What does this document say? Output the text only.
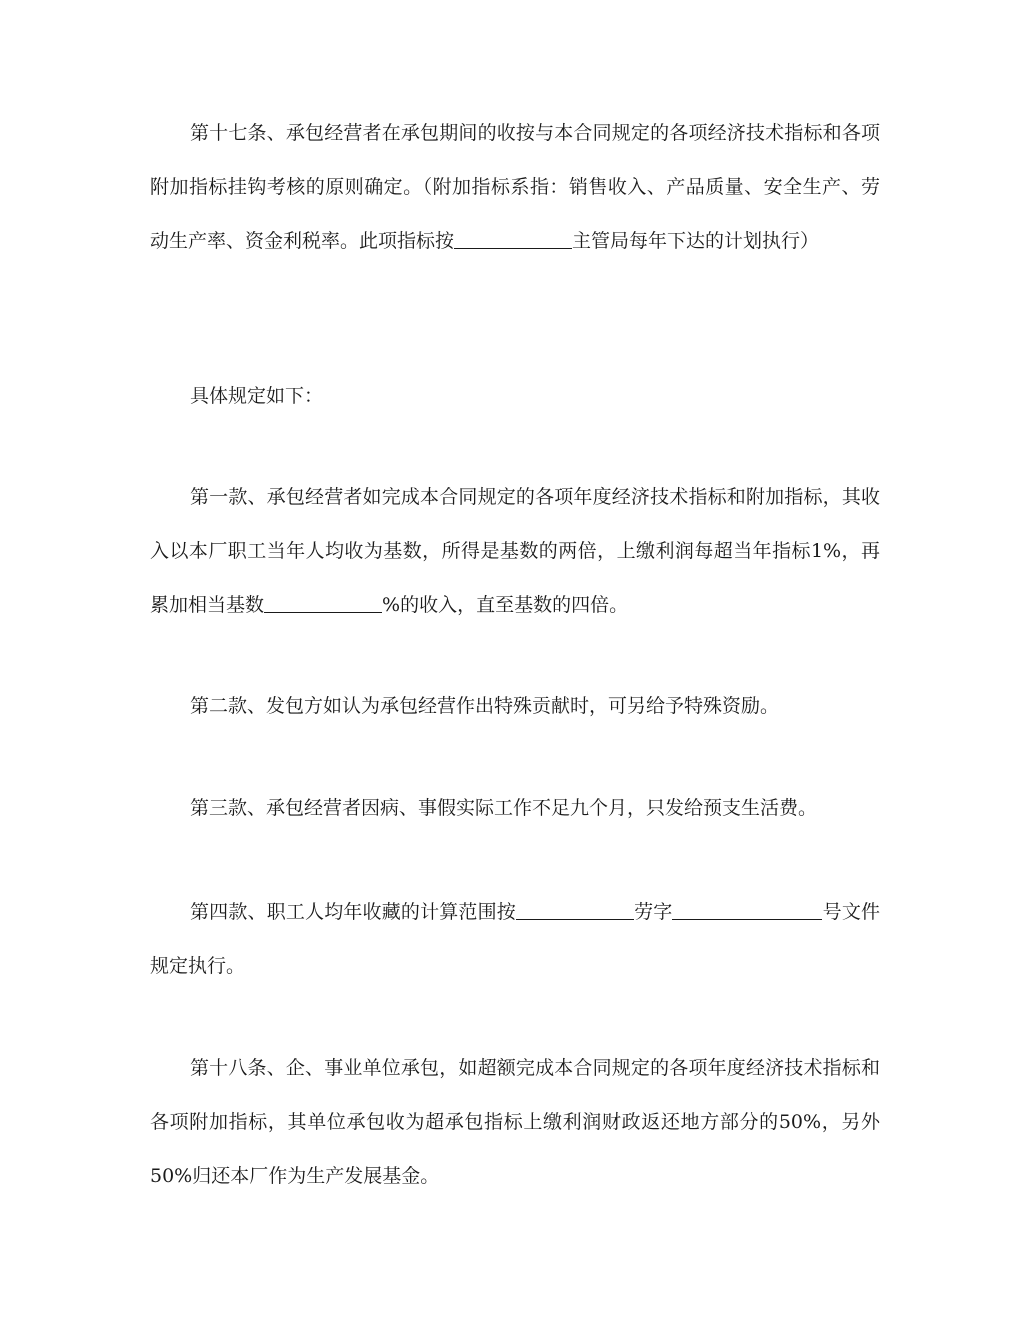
第十七条、承包经营者在承包期间的收按与本合同规定的各项经济技术指标和各项附加指标挂钩考核的原则确定。（附加指标系指：销售收入、产品质量、安全生产、劳动生产率、资金利税率。此项指标按	主管局每年下达的计划执行）

具体规定如下：

第一款、承包经营者如完成本合同规定的各项年度经济技术指标和附加指标，其收入以本厂职工当年人均收为基数，所得是基数的两倍，上缴利润每超当年指标1%，再累加相当基数	%的收入，直至基数的四倍。

第二款、发包方如认为承包经营作出特殊贡献时，可另给予特殊资励。

第三款、承包经营者因病、事假实际工作不足九个月，只发给预支生活费。

第四款、职工人均年收藏的计算范围按	劳字	号文件规定执行。

第十八条、企、事业单位承包，如超额完成本合同规定的各项年度经济技术指标和各项附加指标，其单位承包收为超承包指标上缴利润财政返还地方部分的50%，另外50%归还本厂作为生产发展基金。
